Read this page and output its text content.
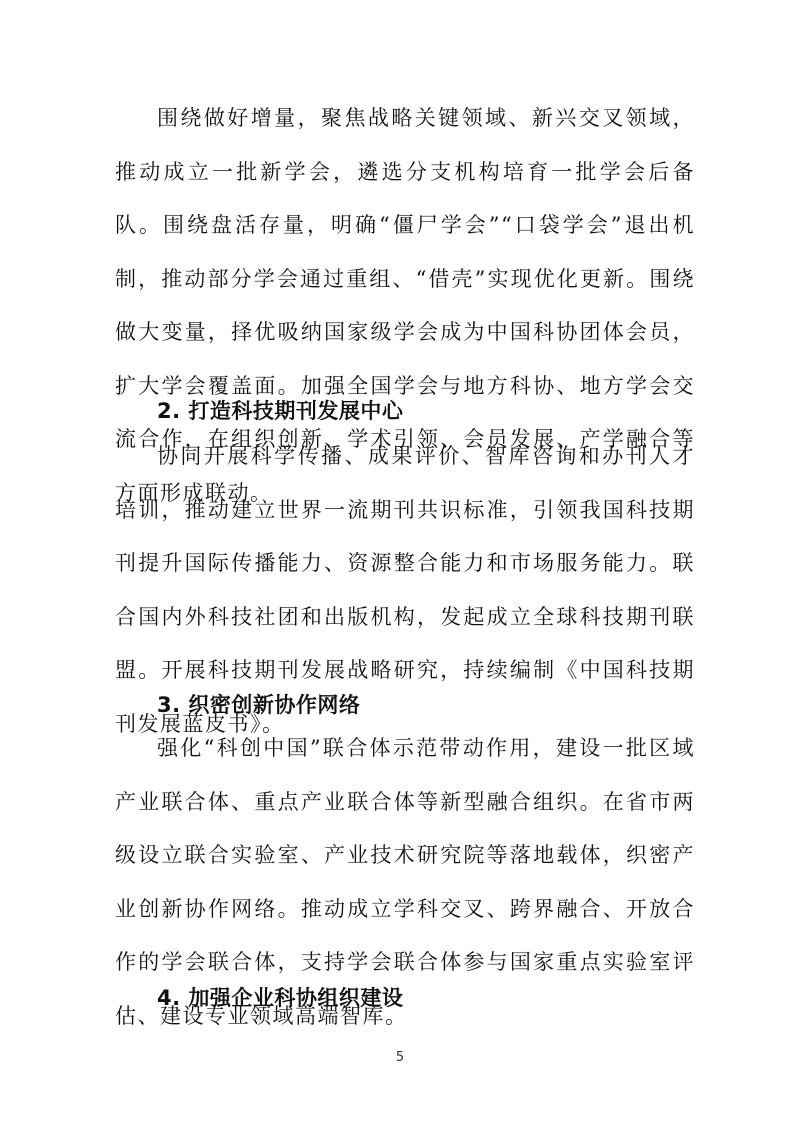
围绕做好增量，聚焦战略关键领域、新兴交叉领域，推动成立一批新学会，遴选分支机构培育一批学会后备队。围绕盘活存量，明确“僵尸学会”“口袋学会”退出机制，推动部分学会通过重组、“借壳”实现优化更新。围绕做大变量，择优吸纳国家级学会成为中国科协团体会员，扩大学会覆盖面。加强全国学会与地方科协、地方学会交流合作，在组织创新、学术引领、会员发展、产学融合等方面形成联动。

2. 打造科技期刊发展中心

协同开展科学传播、成果评价、智库咨询和办刊人才培训，推动建立世界一流期刊共识标准，引领我国科技期刊提升国际传播能力、资源整合能力和市场服务能力。联合国内外科技社团和出版机构，发起成立全球科技期刊联盟。开展科技期刊发展战略研究，持续编制《中国科技期刊发展蓝皮书》。

3. 织密创新协作网络

强化“科创中国”联合体示范带动作用，建设一批区域产业联合体、重点产业联合体等新型融合组织。在省市两级设立联合实验室、产业技术研究院等落地载体，织密产业创新协作网络。推动成立学科交叉、跨界融合、开放合作的学会联合体，支持学会联合体参与国家重点实验室评估、建设专业领域高端智库。

4. 加强企业科协组织建设
5
